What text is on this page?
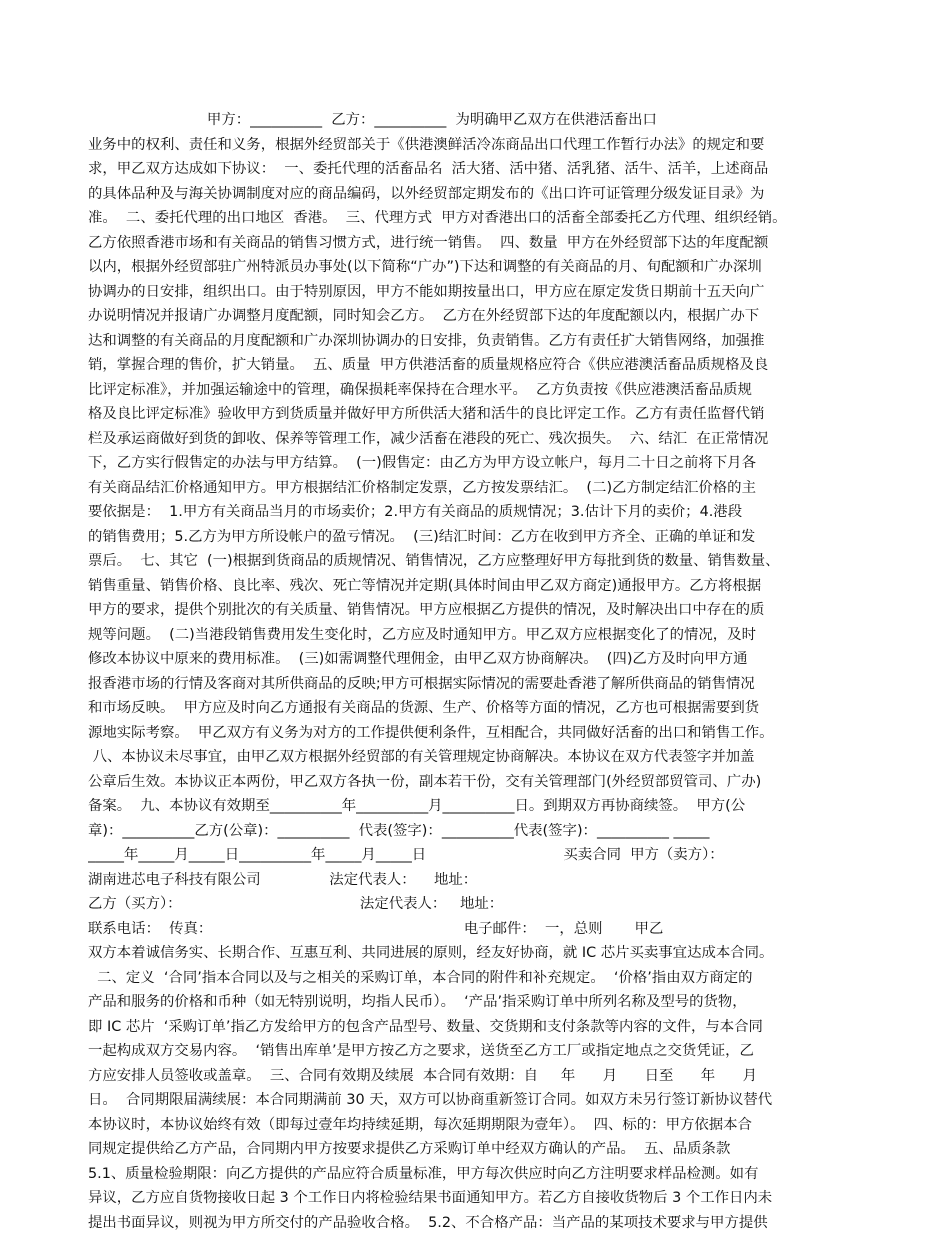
甲方：__________  乙方：__________  为明确甲乙双方在供港活畜出口
业务中的权利、责任和义务，根据外经贸部关于《供港澳鲜活冷冻商品出口代理工作暂行办法》的规定和要
求，甲乙双方达成如下协议：  一、委托代理的活畜品名  活大猪、活中猪、活乳猪、活牛、活羊，上述商品
的具体品种及与海关协调制度对应的商品编码，以外经贸部定期发布的《出口许可证管理分级发证目录》为
准。  二、委托代理的出口地区  香港。  三、代理方式  甲方对香港出口的活畜全部委托乙方代理、组织经销。
乙方依照香港市场和有关商品的销售习惯方式，进行统一销售。  四、数量  甲方在外经贸部下达的年度配额
以内，根据外经贸部驻广州特派员办事处(以下简称“广办”)下达和调整的有关商品的月、旬配额和广办深圳
协调办的日安排，组织出口。由于特别原因，甲方不能如期按量出口，甲方应在原定发货日期前十五天向广
办说明情况并报请广办调整月度配额，同时知会乙方。  乙方在外经贸部下达的年度配额以内，根据广办下
达和调整的有关商品的月度配额和广办深圳协调办的日安排，负责销售。乙方有责任扩大销售网络，加强推
销，掌握合理的售价，扩大销量。  五、质量  甲方供港活畜的质量规格应符合《供应港澳活畜品质规格及良
比评定标准》，并加强运输途中的管理，确保损耗率保持在合理水平。  乙方负责按《供应港澳活畜品质规
格及良比评定标准》验收甲方到货质量并做好甲方所供活大猪和活牛的良比评定工作。乙方有责任监督代销
栏及承运商做好到货的卸收、保养等管理工作，减少活畜在港段的死亡、残次损失。  六、结汇  在正常情况
下，乙方实行假售定的办法与甲方结算。  (一)假售定：由乙方为甲方设立帐户，每月二十日之前将下月各
有关商品结汇价格通知甲方。甲方根据结汇价格制定发票，乙方按发票结汇。  (二)乙方制定结汇价格的主
要依据是：  1.甲方有关商品当月的市场卖价；2.甲方有关商品的质规情况；3.估计下月的卖价；4.港段
的销售费用；5.乙方为甲方所设帐户的盈亏情况。  (三)结汇时间：乙方在收到甲方齐全、正确的单证和发
票后。  七、其它  (一)根据到货商品的质规情况、销售情况，乙方应整理好甲方每批到货的数量、销售数量、
销售重量、销售价格、良比率、残次、死亡等情况并定期(具体时间由甲乙双方商定)通报甲方。乙方将根据
甲方的要求，提供个别批次的有关质量、销售情况。甲方应根据乙方提供的情况，及时解决出口中存在的质
规等问题。  (二)当港段销售费用发生变化时，乙方应及时通知甲方。甲乙双方应根据变化了的情况，及时
修改本协议中原来的费用标准。  (三)如需调整代理佣金，由甲乙双方协商解决。  (四)乙方及时向甲方通
报香港市场的行情及客商对其所供商品的反映;甲方可根据实际情况的需要赴香港了解所供商品的销售情况
和市场反映。  甲方应及时向乙方通报有关商品的货源、生产、价格等方面的情况，乙方也可根据需要到货
源地实际考察。  甲乙双方有义务为对方的工作提供便利条件，互相配合，共同做好活畜的出口和销售工作。
八、本协议未尽事宜，由甲乙双方根据外经贸部的有关管理规定协商解决。本协议在双方代表签字并加盖
公章后生效。本协议正本两份，甲乙双方各执一份，副本若干份，交有关管理部门(外经贸部贸管司、广办)
备案。  九、本协议有效期至__________年__________月__________日。到期双方再协商续签。  甲方(公
章)：__________乙方(公章)：__________  代表(签字)：__________代表(签字)：__________ _____
_____年_____月_____日__________年_____月_____日                              买卖合同  甲方（卖方）：
湖南进芯电子科技有限公司               法定代表人：    地址：
乙方（买方）：                                       法定代表人：   地址：
联系电话：  传真：                                                       电子邮件：  一，总则       甲乙
双方本着诚信务实、长期合作、互惠互利、共同进展的原则，经友好协商，就 IC 芯片买卖事宜达成本合同。
二、定义  ‘合同’指本合同以及与之相关的采购订单，本合同的附件和补充规定。  ‘价格’指由双方商定的
产品和服务的价格和币种（如无特别说明，均指人民币）。  ‘产品’指采购订单中所列名称及型号的货物，
即 IC 芯片  ‘采购订单’指乙方发给甲方的包含产品型号、数量、交货期和支付条款等内容的文件，与本合同
一起构成双方交易内容。  ‘销售出库单’是甲方按乙方之要求，送货至乙方工厂或指定地点之交货凭证，乙
方应安排人员签收或盖章。  三、合同有效期及续展  本合同有效期：自     年      月      日至      年      月
日。  合同期限届满续展：本合同期满前 30 天，双方可以协商重新签订合同。如双方未另行签订新协议替代
本协议时，本协议始终有效（即每过壹年均持续延期，每次延期期限为壹年）。  四、标的：甲方依据本合
同规定提供给乙方产品，合同期内甲方按要求提供乙方采购订单中经双方确认的产品。  五、品质条款
5.1、质量检验期限：向乙方提供的产品应符合质量标准，甲方每次供应时向乙方注明要求样品检测。如有
异议，乙方应自货物接收日起 3 个工作日内将检验结果书面通知甲方。若乙方自接收货物后 3 个工作日内未
提出书面异议，则视为甲方所交付的产品验收合格。  5.2、不合格产品：当产品的某项技术要求与甲方提供
